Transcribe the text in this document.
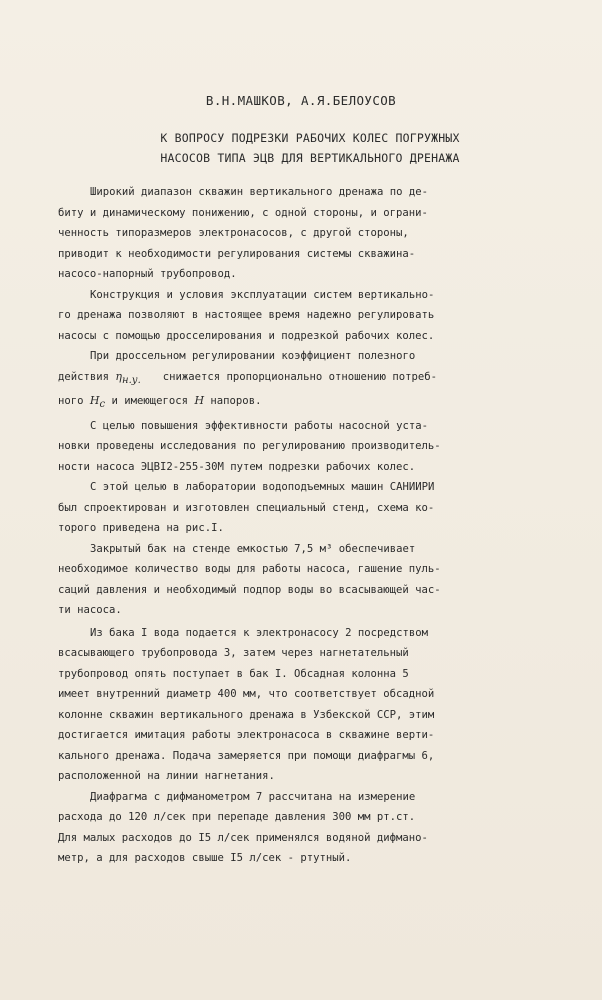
В.Н.МАШКОВ, А.Я.БЕЛОУСОВ
К ВОПРОСУ ПОДРЕЗКИ РАБОЧИХ КОЛЕС ПОГРУЖНЫХ
НАСОСОВ ТИПА ЭЦВ ДЛЯ ВЕРТИКАЛЬНОГО ДРЕНАЖА
Широкий диапазон скважин вертикального дренажа по де-
биту и динамическому понижению, с одной стороны, и ограни-
ченность типоразмеров электронасосов, с другой стороны,
приводит к необходимости регулирования системы скважина-
насосо-напорный трубопровод.
Конструкция и условия эксплуатации систем вертикально-
го дренажа позволяют в настоящее время надежно регулировать
насосы с помощью дросселирования и подрезкой рабочих колес.
При дроссельном регулировании коэффициент полезного
действия $\eta_{н.у.}$ снижается пропорционально отношению потреб-
ного $H_c$ и имеющегося H напоров.
С целью повышения эффективности работы насосной уста-
новки проведены исследования по регулированию производитель-
ности насоса ЭЦВI2-255-30М путем подрезки рабочих колес.
С этой целью в лаборатории водоподъемных машин САНИИРИ
был спроектирован и изготовлен специальный стенд, схема ко-
торого приведена на рис.I.
Закрытый бак на стенде емкостью 7,5 м³ обеспечивает
необходимое количество воды для работы насоса, гашение пуль-
саций давления и необходимый подпор воды во всасывающей час-
ти насоса.
Из бака I вода подается к электронасосу 2 посредством
всасывающего трубопровода 3, затем через нагнетательный
трубопровод опять поступает в бак I. Обсадная колонна 5
имеет внутренний диаметр 400 мм, что соответствует обсадной
колонне скважин вертикального дренажа в Узбекской ССР, этим
достигается имитация работы электронасоса в скважине верти-
кального дренажа. Подача замеряется при помощи диафрагмы 6,
расположенной на линии нагнетания.
Диафрагма с дифманометром 7 рассчитана на измерение
расхода до 120 л/сек при перепаде давления 300 мм рт.ст.
Для малых расходов до I5 л/сек применялся водяной дифмано-
метр, а для расходов свыше I5 л/сек - ртутный.
